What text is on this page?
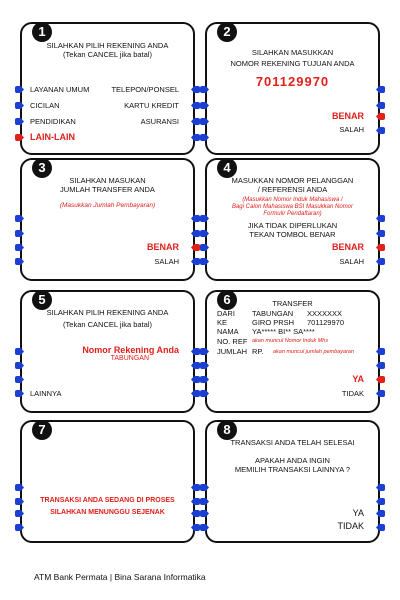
1
SILAHKAN PILIH REKENING ANDA
(Tekan CANCEL jika batal)
LAYANAN UMUM
CICILAN
PENDIDIKAN
LAIN-LAIN
TELEPON/PONSEL
KARTU KREDIT
ASURANSI
2
SILAHKAN MASUKKAN
NOMOR REKENING TUJUAN ANDA
701129970
BENAR
SALAH
3
SILAHKAN MASUKAN
JUMLAH TRANSFER ANDA
(Masukkan Jumlah Pembayaran)
BENAR
SALAH
4
MASUKKAN NOMOR PELANGGAN
/ REFERENSI ANDA
(Masukkan Nomor Induk Mahasiswa /
Bagi Calon Mahasiswa BSI Masukkan Nomor
Formulir Pendaftaran)
JIKA TIDAK DIPERLUKAN
TEKAN TOMBOL BENAR
BENAR
SALAH
5
SILAHKAN PILIH REKENING ANDA
(Tekan CANCEL jika batal)
LAINNYA
Nomor Rekening Anda
TABUNGAN
6	TRANSFER
DARI TABUNGAN XXXXXXX
KE	GIRO PRSH 701129970
NAMA YA***** BI** SA****
NO. REF akan muncul Nomor Induk Mhs
JUMLAH RP. akan muncul jumlah pembayaran
YA
TIDAK
7
TRANSAKSI ANDA SEDANG DI PROSES
SILAHKAN MENUNGGU SEJENAK
8
TRANSAKSI ANDA TELAH SELESAI
APAKAH ANDA INGIN
MEMILIH TRANSAKSI LAINNYA ?
YA
TIDAK
ATM Bank Permata | Bina Sarana Informatika
